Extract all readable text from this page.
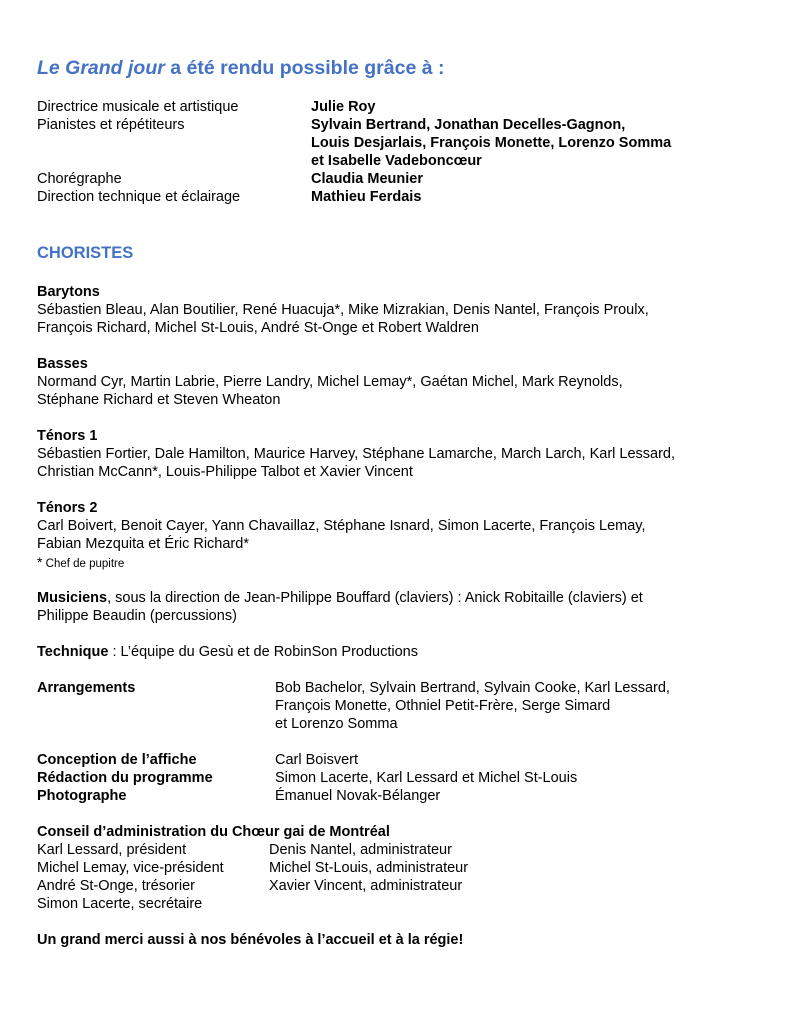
Le Grand jour a été rendu possible grâce à :
Directrice musicale et artistique	Julie Roy
Pianistes et répétiteurs	Sylvain Bertrand, Jonathan Decelles-Gagnon,
Louis Desjarlais, François Monette, Lorenzo Somma
et Isabelle Vadeboncœur
Chorégraphe	Claudia Meunier
Direction technique et éclairage	Mathieu Ferdais
CHORISTES
Barytons
Sébastien Bleau, Alan Boutilier, René Huacuja*, Mike Mizrakian, Denis Nantel, François Proulx,
François Richard, Michel St-Louis, André St-Onge et Robert Waldren
Basses
Normand Cyr, Martin Labrie, Pierre Landry, Michel Lemay*, Gaétan Michel, Mark Reynolds,
Stéphane Richard et Steven Wheaton
Ténors 1
Sébastien Fortier, Dale Hamilton, Maurice Harvey, Stéphane Lamarche, March Larch, Karl Lessard,
Christian McCann*, Louis-Philippe Talbot et Xavier Vincent
Ténors 2
Carl Boivert, Benoit Cayer, Yann Chavaillaz, Stéphane Isnard, Simon Lacerte, François Lemay,
Fabian Mezquita et Éric Richard*
* Chef de pupitre
Musiciens, sous la direction de Jean-Philippe Bouffard (claviers) : Anick Robitaille (claviers) et
Philippe Beaudin (percussions)
Technique : L’équipe du Gesù et de RobinSon Productions
Arrangements	Bob Bachelor, Sylvain Bertrand, Sylvain Cooke, Karl Lessard,
François Monette, Othniel Petit-Frère, Serge Simard
et Lorenzo Somma
Conception de l’affiche	Carl Boisvert
Rédaction du programme	Simon Lacerte, Karl Lessard et Michel St-Louis
Photographe	Émanuel Novak-Bélanger
Conseil d’administration du Chœur gai de Montréal
Karl Lessard, président	Denis Nantel, administrateur
Michel Lemay, vice-président	Michel St-Louis, administrateur
André St-Onge, trésorier	Xavier Vincent, administrateur
Simon Lacerte, secrétaire
Un grand merci aussi à nos bénévoles à l’accueil et à la régie!
